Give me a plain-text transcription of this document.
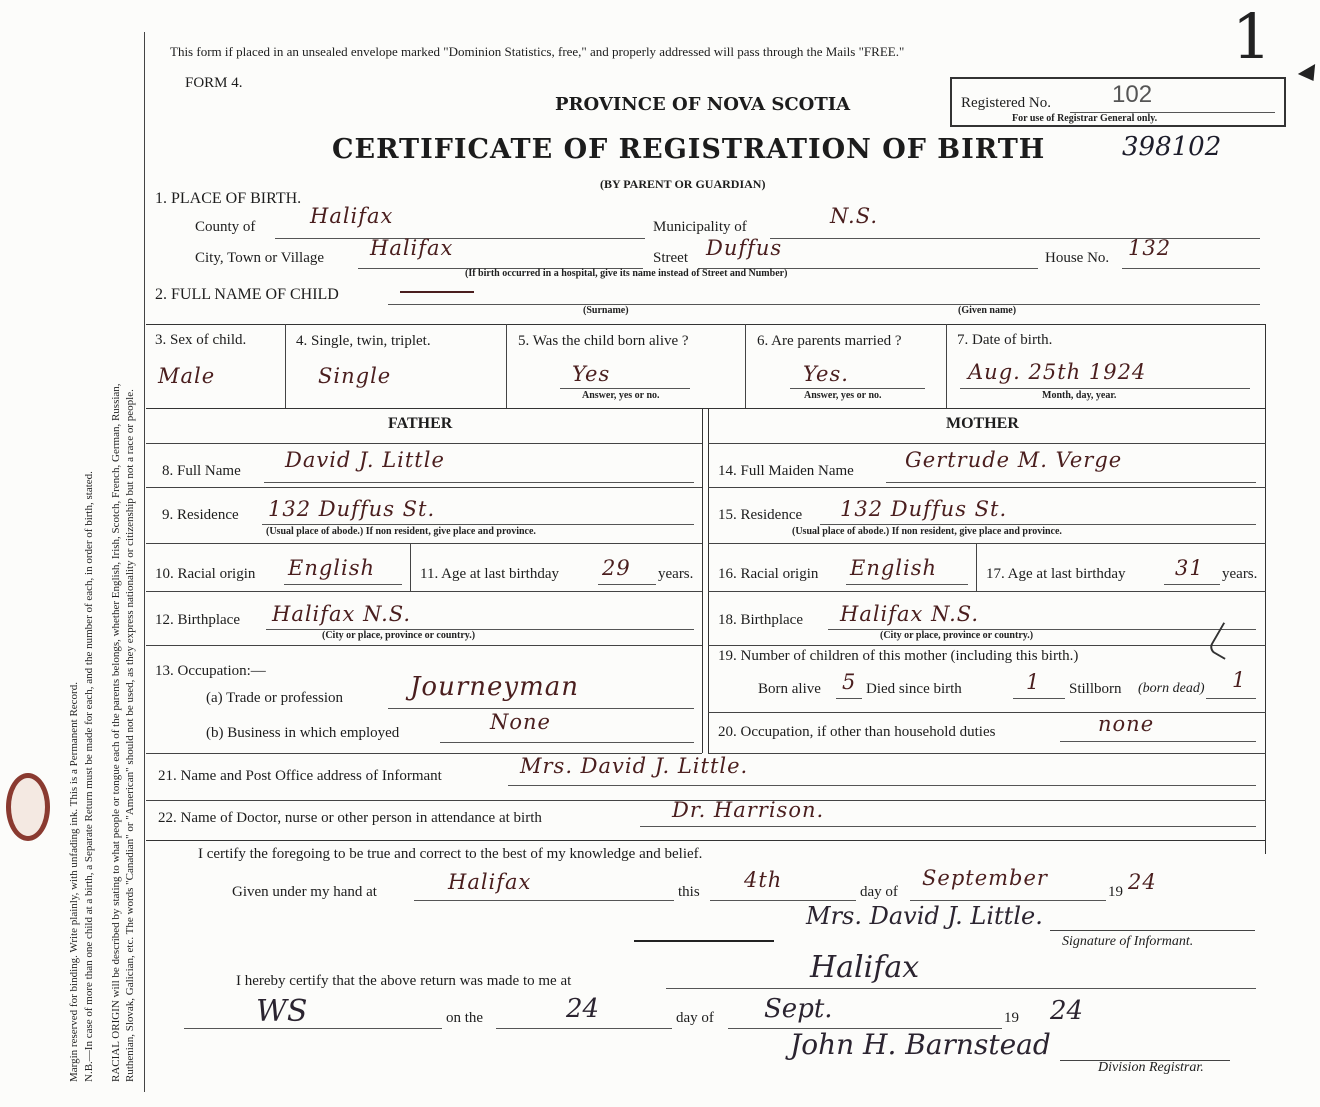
Margin reserved for binding. Write plainly, with unfading ink. This is a Permanent Record. N.B.—In case of more than one child at a birth, a Separate Return must be made for each, and the number of each, in order of birth, stated. RACIAL ORIGIN will be described by stating to what people or tongue each of the parents belongs, whether English, Irish, Scotch, French, German, Russian, Ruthenian, Slovak, Galician, etc. The words "Canadian" or "American" should not be used, as they express nationality or citizenship but not a race or people.
1
This form if placed in an unsealed envelope marked "Dominion Statistics, free," and properly addressed will pass through the Mails "FREE."
FORM 4.
PROVINCE OF NOVA SCOTIA	Registered No.	102
For use of Registrar General only.
398102
CERTIFICATE OF REGISTRATION OF BIRTH
(BY PARENT OR GUARDIAN)
1. PLACE OF BIRTH.
County of	Halifax	Municipality of	N.S.
City, Town or Village Halifax	Street Duffus	House No. 132
(If birth occurred in a hospital, give its name instead of Street and Number)
2. FULL NAME OF CHILD
(Surname)	(Given name)
3. Sex of child.
Male
4. Single, twin, triplet.
Single
5. Was the child born alive ?
Yes
Answer, yes or no.
6. Are parents married ?
Yes.
Answer, yes or no.
7. Date of birth.
Aug. 25th 1924
Month, day, year.
FATHER	MOTHER
8. Full Name David J. Little
9. Residence 132 Duffus St.
(Usual place of abode.) If non resident, give place and province.
10. Racial origin English	11. Age at last birthday 29 years.
12. Birthplace Halifax N.S.
(City or place, province or country.)
13. Occupation:—
(a) Trade or profession	Journeyman
(b) Business in which employed	None
14. Full Maiden Name Gertrude M. Verge
15. Residence 132 Duffus St.
(Usual place of abode.) If non resident, give place and province.
16. Racial origin English	17. Age at last birthday 31 years.
18. Birthplace Halifax N.S.
(City or place, province or country.)
19. Number of children of this mother (including this birth.)
Born alive 5 Died since birth	1 Stillborn (born dead) 1
20. Occupation, if other than household duties	none
21. Name and Post Office address of Informant	Mrs. David J. Little.
22. Name of Doctor, nurse or other person in attendance at birth	Dr. Harrison.
I certify the foregoing to be true and correct to the best of my knowledge and belief.
Given under my hand at	Halifax	this 4th	day of
September
19 24
Mrs. David J. Little.
Signature of Informant.
I hereby certify that the above return was made to me at	Halifax
WS	on the	24	day of Sept.	19 24
John H. Barnstead
Division Registrar.
